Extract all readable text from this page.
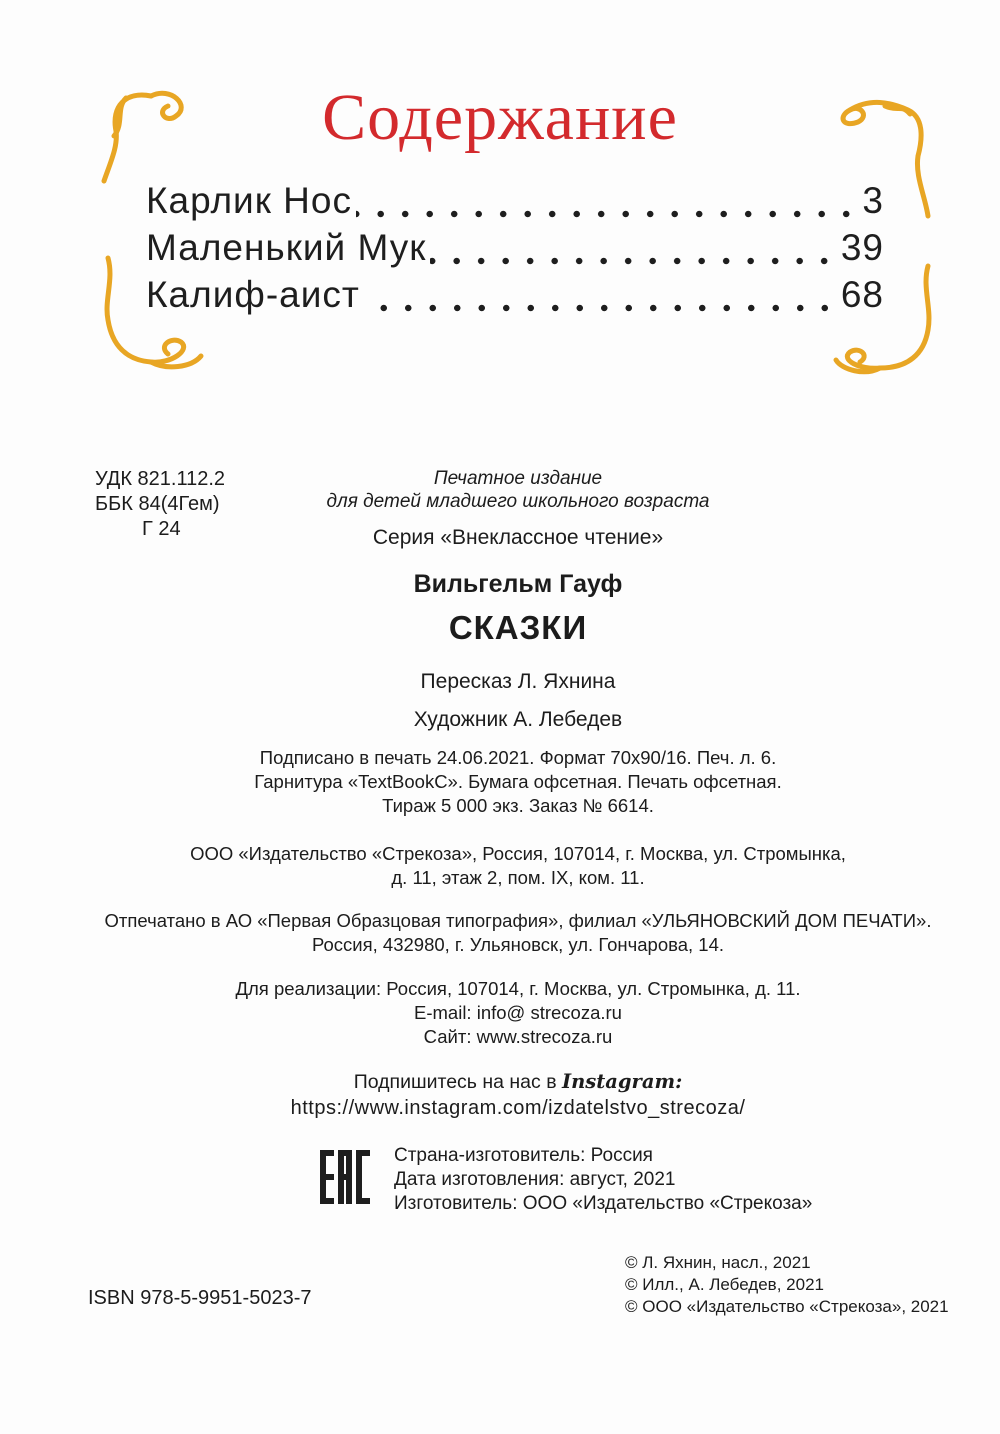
Содержание
Карлик Нос	3
Маленький Мук	39
Калиф-аист	68
УДК 821.112.2
ББК 84(4Гем)
Г 24
Печатное издание
для детей младшего школьного возраста
Серия «Внеклассное чтение»
Вильгельм Гауф
СКАЗКИ
Пересказ Л. Яхнина
Художник А. Лебедев
Подписано в печать 24.06.2021. Формат 70x90/16. Печ. л. 6.
Гарнитура «TextBookC». Бумага офсетная. Печать офсетная.
Тираж 5 000 экз. Заказ № 6614.
ООО «Издательство «Стрекоза», Россия, 107014, г. Москва, ул. Стромынка,
д. 11, этаж 2, пом. IX, ком. 11.
Отпечатано в АО «Первая Образцовая типография», филиал «УЛЬЯНОВСКИЙ ДОМ ПЕЧАТИ».
Россия, 432980, г. Ульяновск, ул. Гончарова, 14.
Для реализации: Россия, 107014, г. Москва, ул. Стромынка, д. 11.
E-mail: info@ strecoza.ru
Сайт: www.strecoza.ru
Подпишитесь на нас в Instagram:
https://www.instagram.com/izdatelstvo_strecoza/
Страна-изготовитель: Россия
Дата изготовления: август, 2021
Изготовитель: ООО «Издательство «Стрекоза»
ISBN 978-5-9951-5023-7
© Л. Яхнин, насл., 2021
© Илл., А. Лебедев, 2021
© ООО «Издательство «Стрекоза», 2021
